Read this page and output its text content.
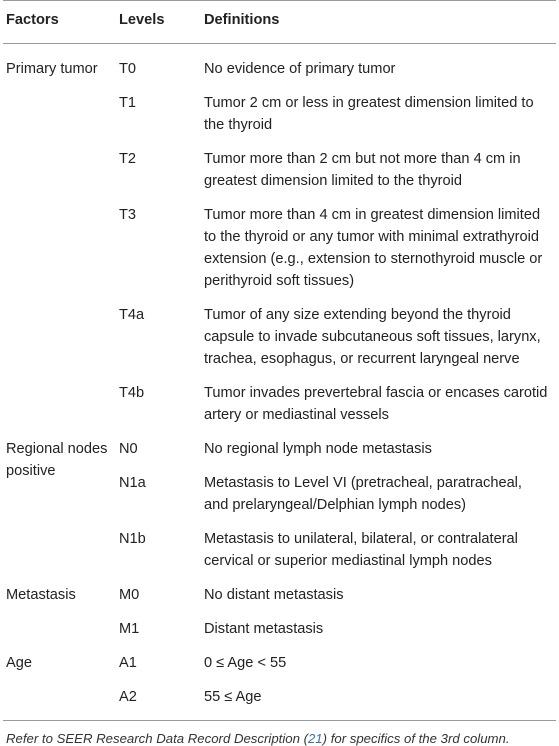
Factors	Levels	Definitions
Primary tumor	T0	No evidence of primary tumor
	T1	Tumor 2 cm or less in greatest dimension limited to the thyroid
	T2	Tumor more than 2 cm but not more than 4 cm in greatest dimension limited to the thyroid
	T3	Tumor more than 4 cm in greatest dimension limited to the thyroid or any tumor with minimal extrathyroid extension (e.g., extension to sternothyroid muscle or perithyroid soft tissues)
	T4a	Tumor of any size extending beyond the thyroid capsule to invade subcutaneous soft tissues, larynx, trachea, esophagus, or recurrent laryngeal nerve
	T4b	Tumor invades prevertebral fascia or encases carotid artery or mediastinal vessels
Regional nodes positive	N0	No regional lymph node metastasis
	N1a	Metastasis to Level VI (pretracheal, paratracheal, and prelaryngeal/Delphian lymph nodes)
	N1b	Metastasis to unilateral, bilateral, or contralateral cervical or superior mediastinal lymph nodes
Metastasis	M0	No distant metastasis
	M1	Distant metastasis
Age	A1	0 ≤ Age < 55
	A2	55 ≤ Age
Refer to SEER Research Data Record Description (21) for specifics of the 3rd column.
